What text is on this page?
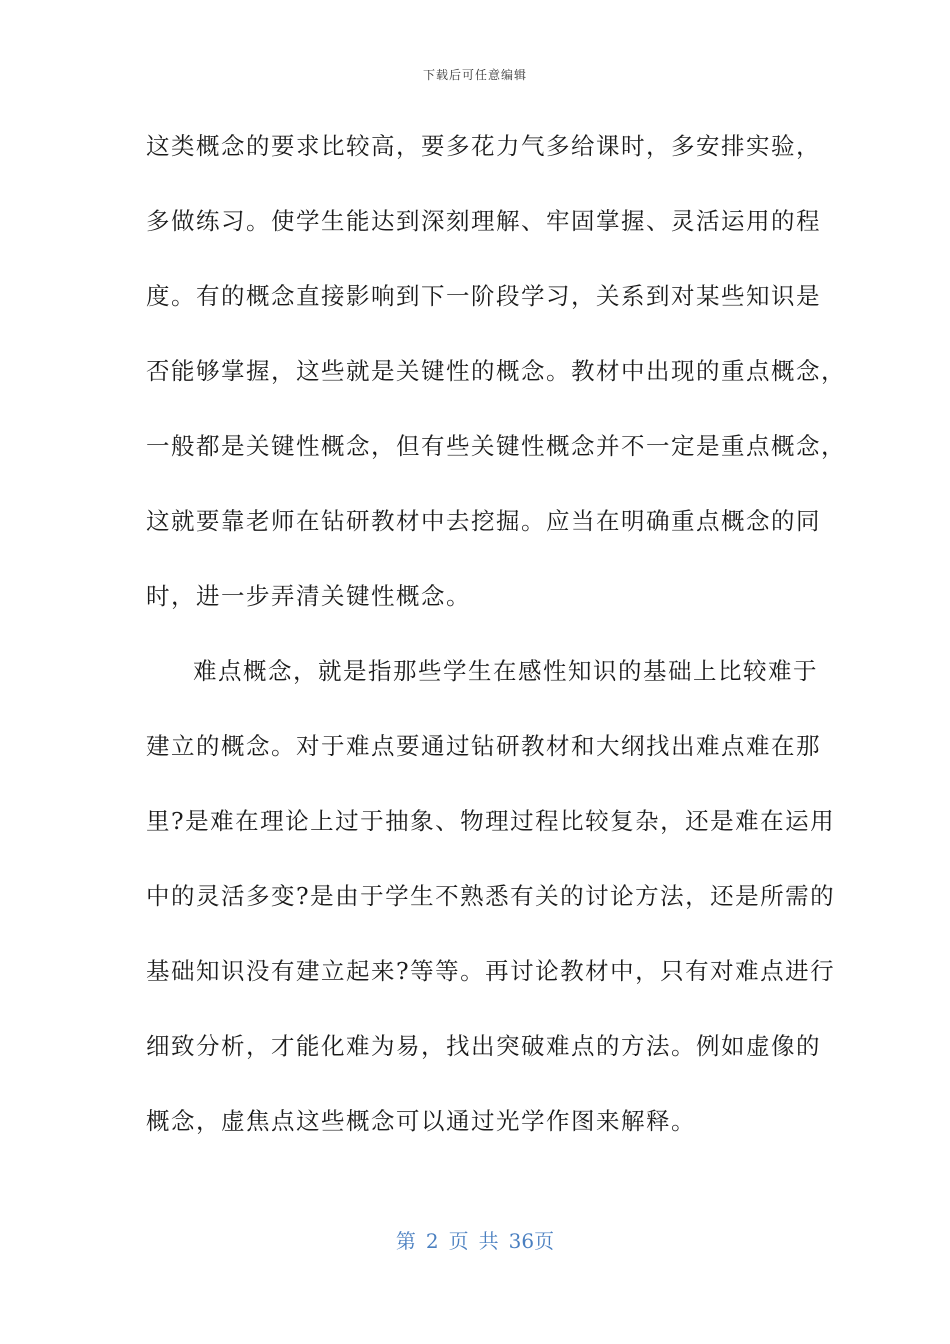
下载后可任意编辑
这类概念的要求比较高，要多花力气多给课时，多安排实验，
多做练习。使学生能达到深刻理解、牢固掌握、灵活运用的程
度。有的概念直接影响到下一阶段学习，关系到对某些知识是
否能够掌握，这些就是关键性的概念。教材中出现的重点概念，
一般都是关键性概念，但有些关键性概念并不一定是重点概念，
这就要靠老师在钻研教材中去挖掘。应当在明确重点概念的同
时，进一步弄清关键性概念。
难点概念，就是指那些学生在感性知识的基础上比较难于
建立的概念。对于难点要通过钻研教材和大纲找出难点难在那
里?是难在理论上过于抽象、物理过程比较复杂，还是难在运用
中的灵活多变?是由于学生不熟悉有关的讨论方法，还是所需的
基础知识没有建立起来?等等。再讨论教材中，只有对难点进行
细致分析，才能化难为易，找出突破难点的方法。例如虚像的
概念，虚焦点这些概念可以通过光学作图来解释。
第 2 页 共 36页
